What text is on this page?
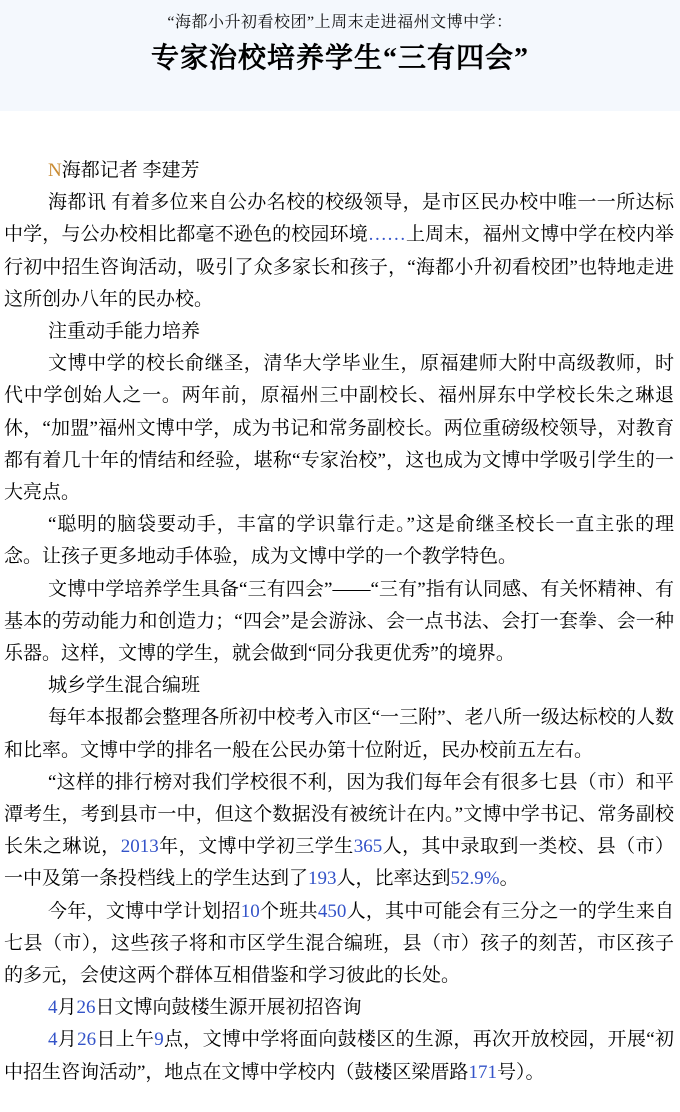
“海都小升初看校团”上周末走进福州文博中学：
专家治校培养学生“三有四会”

N海都记者 李建芳

海都讯 有着多位来自公办名校的校级领导，是市区民办校中唯一一所达标中学，与公办校相比都毫不逊色的校园环境……上周末，福州文博中学在校内举行初中招生咨询活动，吸引了众多家长和孩子，“海都小升初看校团”也特地走进这所创办八年的民办校。

注重动手能力培养

文博中学的校长俞继圣，清华大学毕业生，原福建师大附中高级教师，时代中学创始人之一。两年前，原福州三中副校长、福州屏东中学校长朱之琳退休，“加盟”福州文博中学，成为书记和常务副校长。两位重磅级校领导，对教育都有着几十年的情结和经验，堪称“专家治校”，这也成为文博中学吸引学生的一大亮点。

“聪明的脑袋要动手，丰富的学识靠行走。”这是俞继圣校长一直主张的理念。让孩子更多地动手体验，成为文博中学的一个教学特色。

文博中学培养学生具备“三有四会”——“三有”指有认同感、有关怀精神、有基本的劳动能力和创造力；“四会”是会游泳、会一点书法、会打一套拳、会一种乐器。这样，文博的学生，就会做到“同分我更优秀”的境界。

城乡学生混合编班

每年本报都会整理各所初中校考入市区“一三附”、老八所一级达标校的人数和比率。文博中学的排名一般在公民办第十位附近，民办校前五左右。

“这样的排行榜对我们学校很不利，因为我们每年会有很多七县（市）和平潭考生，考到县市一中，但这个数据没有被统计在内。”文博中学书记、常务副校长朱之琳说，2013年，文博中学初三学生365人，其中录取到一类校、县（市）一中及第一条投档线上的学生达到了193人，比率达到52.9%。

今年，文博中学计划招10个班共450人，其中可能会有三分之一的学生来自七县（市），这些孩子将和市区学生混合编班，县（市）孩子的刻苦，市区孩子的多元，会使这两个群体互相借鉴和学习彼此的长处。

4月26日文博向鼓楼生源开展初招咨询

4月26日上午9点，文博中学将面向鼓楼区的生源，再次开放校园，开展“初中招生咨询活动”，地点在文博中学校内（鼓楼区梁厝路171号）。
